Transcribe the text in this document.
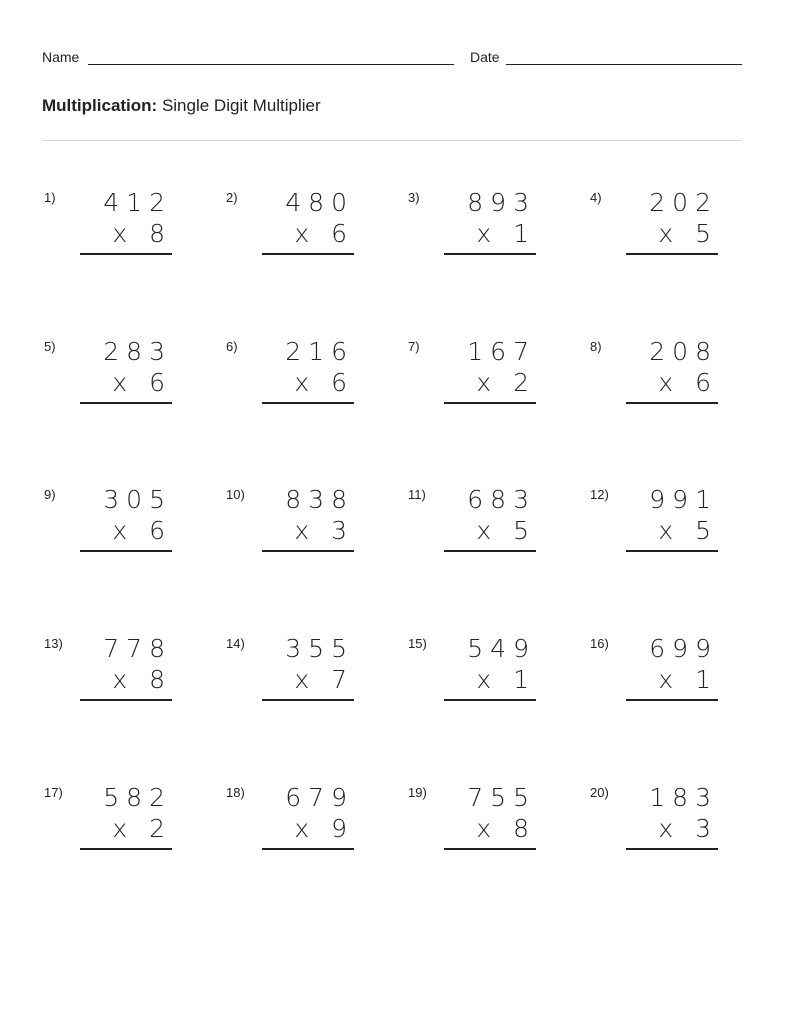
Name	Date
Multiplication: Single Digit Multiplier
1)	412
x 8
2)	480
x 6
3)	893
x 1
4)	202
x 5
5)	283
x 6
6)	216
x 6
7)	167
x 2
8)	208
x 6
9)	305
x 6
10)	838
x 3
11)	683
x 5
12)	991
x 5
13)	778
x 8
14)	355
x 7
15)	549
x 1
16)	699
x 1
17)	582
x 2
18)	679
x 9
19)	755
x 8
20)	183
x 3
